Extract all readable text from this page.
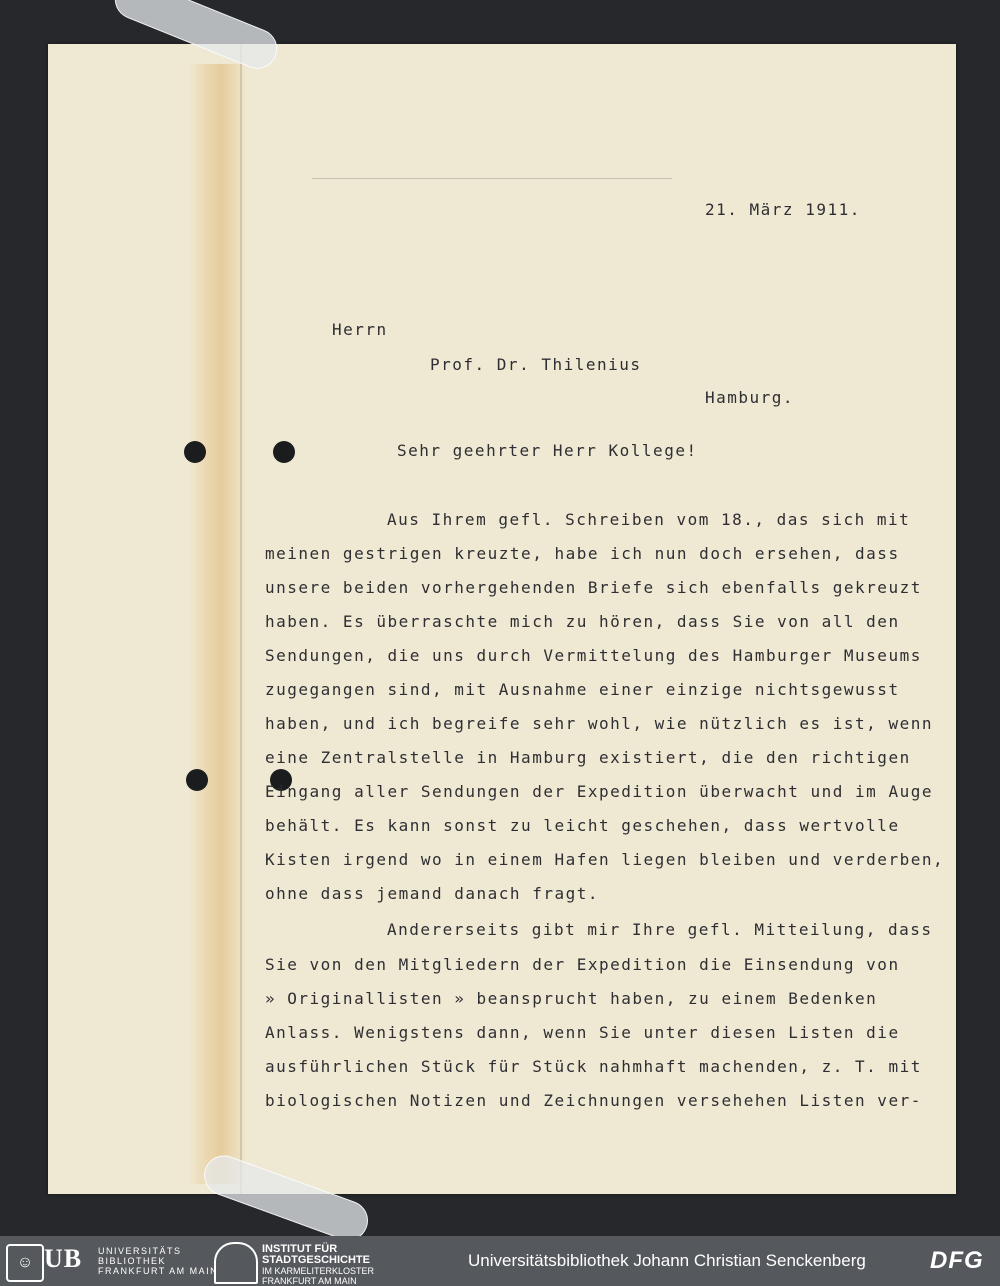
21. März 1911.
Herrn
Prof. Dr. Thilenius
Hamburg.
Sehr geehrter Herr Kollege!
Aus Ihrem gefl. Schreiben vom 18., das sich mit
meinen gestrigen kreuzte, habe ich nun doch ersehen, dass
unsere beiden vorhergehenden Briefe sich ebenfalls gekreuzt
haben. Es überraschte mich zu hören, dass Sie von all den
Sendungen, die uns durch Vermittelung des Hamburger Museums
zugegangen sind, mit Ausnahme einer einzige nichtsgewusst
haben, und ich begreife sehr wohl, wie nützlich es ist, wenn
eine Zentralstelle in Hamburg existiert, die den richtigen
Eingang aller Sendungen der Expedition überwacht und im Auge
behält. Es kann sonst zu leicht geschehen, dass wertvolle
Kisten irgend wo in einem Hafen liegen bleiben und verderben,
ohne dass jemand danach fragt.
Andererseits gibt mir Ihre gefl. Mitteilung, dass
Sie von den Mitgliedern der Expedition die Einsendung von
» Originallisten » beansprucht haben, zu einem Bedenken
Anlass. Wenigstens dann, wenn Sie unter diesen Listen die
ausführlichen Stück für Stück nahmhaft machenden, z. T. mit
biologischen Notizen und Zeichnungen versehehen Listen ver-
☺ UB UNIVERSITÄTS
BIBLIOTHEK
FRANKFURT AM MAIN
INSTITUT FÜR
STADTGESCHICHTE
IM KARMELITERKLOSTER
FRANKFURT AM MAIN
Universitätsbibliothek Johann Christian Senckenberg	DFG
